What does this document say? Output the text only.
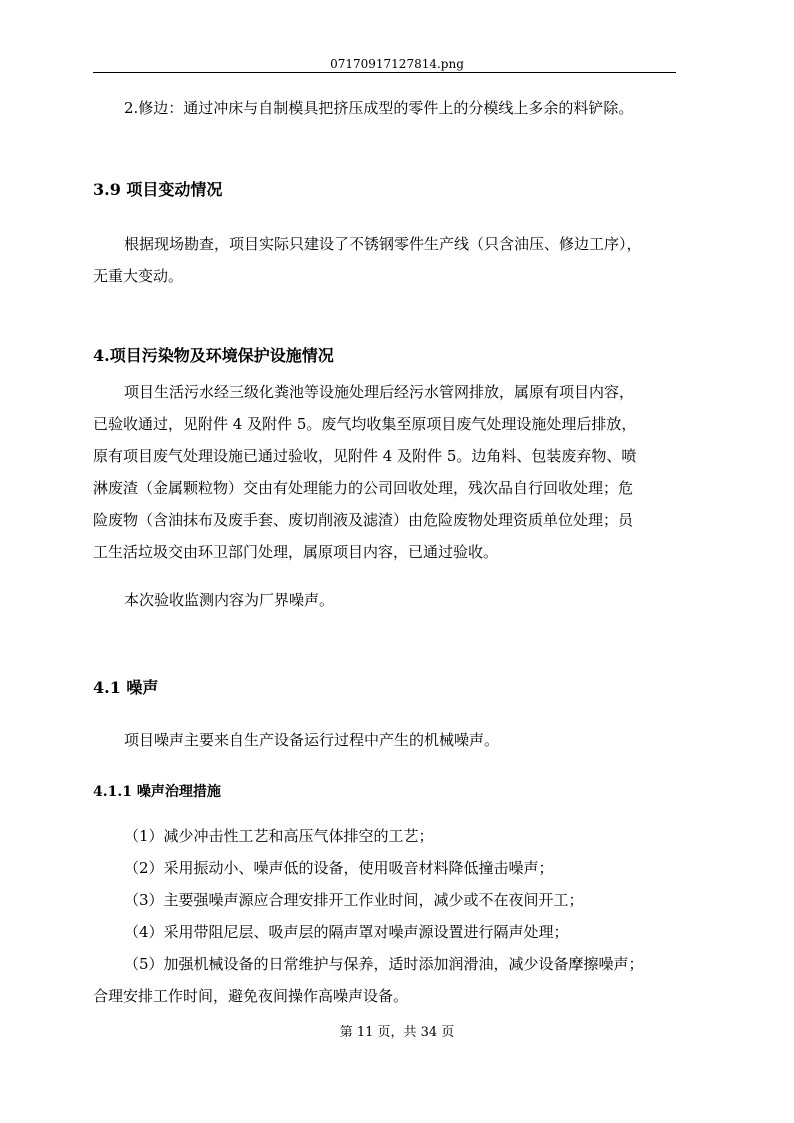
07170917127814.png
2.修边：通过冲床与自制模具把挤压成型的零件上的分模线上多余的料铲除。
3.9 项目变动情况
根据现场勘查，项目实际只建设了不锈钢零件生产线（只含油压、修边工序），
无重大变动。
4.项目污染物及环境保护设施情况
项目生活污水经三级化粪池等设施处理后经污水管网排放，属原有项目内容，
已验收通过，见附件 4 及附件 5。废气均收集至原项目废气处理设施处理后排放，
原有项目废气处理设施已通过验收，见附件 4 及附件 5。边角料、包装废弃物、喷
淋废渣（金属颗粒物）交由有处理能力的公司回收处理，残次品自行回收处理；危
险废物（含油抹布及废手套、废切削液及滤渣）由危险废物处理资质单位处理；员
工生活垃圾交由环卫部门处理，属原项目内容，已通过验收。
本次验收监测内容为厂界噪声。
4.1 噪声
项目噪声主要来自生产设备运行过程中产生的机械噪声。
4.1.1 噪声治理措施
（1）减少冲击性工艺和高压气体排空的工艺；
（2）采用振动小、噪声低的设备，使用吸音材料降低撞击噪声；
（3）主要强噪声源应合理安排开工作业时间，减少或不在夜间开工；
（4）采用带阻尼层、吸声层的隔声罩对噪声源设置进行隔声处理；
（5）加强机械设备的日常维护与保养，适时添加润滑油，减少设备摩擦噪声；
合理安排工作时间，避免夜间操作高噪声设备。
第 11 页，共 34 页
